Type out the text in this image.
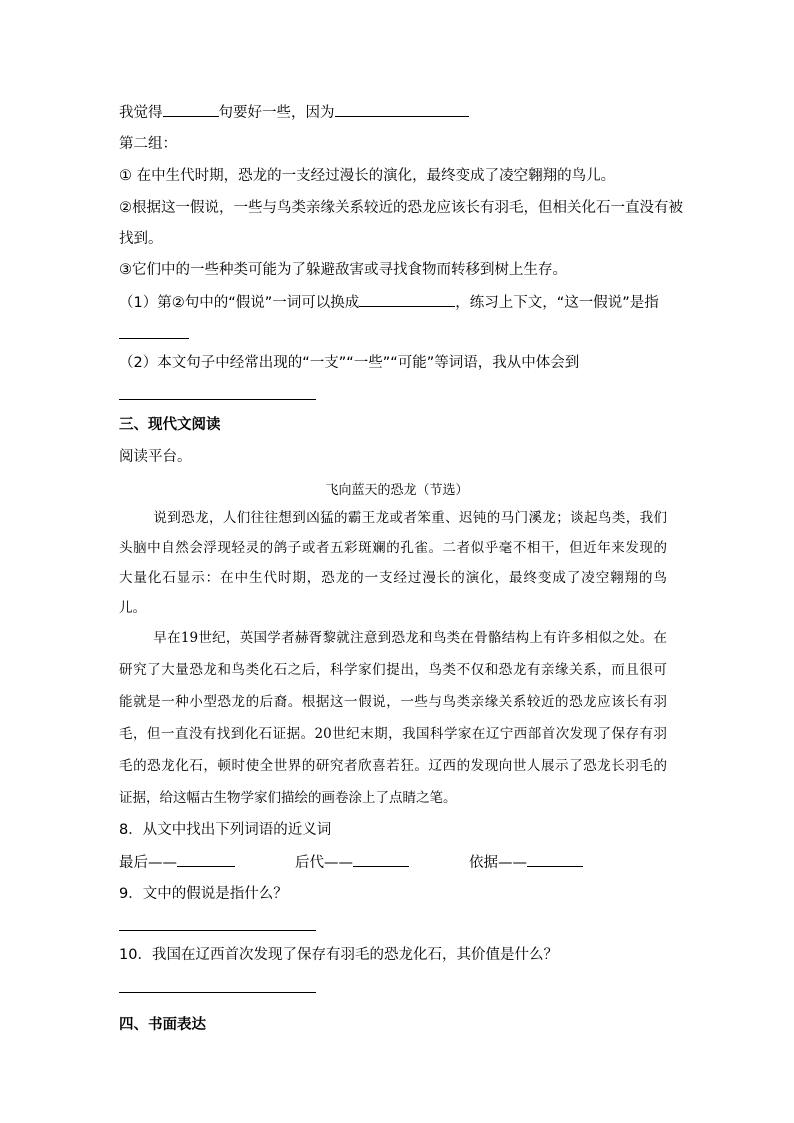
我觉得	句要好一些，因为
第二组：
① 在中生代时期，恐龙的一支经过漫长的演化，最终变成了凌空翱翔的鸟儿。
②根据这一假说，一些与鸟类亲缘关系较近的恐龙应该长有羽毛，但相关化石一直没有被
找到。
③它们中的一些种类可能为了躲避敌害或寻找食物而转移到树上生存。
（1）第②句中的“假说”一词可以换成	，练习上下文，“这一假说”是指
（2）本文句子中经常出现的“一支”“一些”“可能”等词语，我从中体会到
三、现代文阅读
阅读平台。
飞向蓝天的恐龙（节选）
说到恐龙，人们往往想到凶猛的霸王龙或者笨重、迟钝的马门溪龙；谈起鸟类，我们
头脑中自然会浮现轻灵的鸽子或者五彩斑斓的孔雀。二者似乎毫不相干，但近年来发现的
大量化石显示：在中生代时期，恐龙的一支经过漫长的演化，最终变成了凌空翱翔的鸟
儿。
早在19世纪，英国学者赫胥黎就注意到恐龙和鸟类在骨骼结构上有许多相似之处。在
研究了大量恐龙和鸟类化石之后，科学家们提出，鸟类不仅和恐龙有亲缘关系，而且很可
能就是一种小型恐龙的后裔。根据这一假说，一些与鸟类亲缘关系较近的恐龙应该长有羽
毛，但一直没有找到化石证据。20世纪末期，我国科学家在辽宁西部首次发现了保存有羽
毛的恐龙化石，顿时使全世界的研究者欣喜若狂。辽西的发现向世人展示了恐龙长羽毛的
证据，给这幅古生物学家们描绘的画卷涂上了点睛之笔。
8．从文中找出下列词语的近义词
最后——	后代——	依据——
9．文中的假说是指什么？
10．我国在辽西首次发现了保存有羽毛的恐龙化石，其价值是什么？
四、书面表达
